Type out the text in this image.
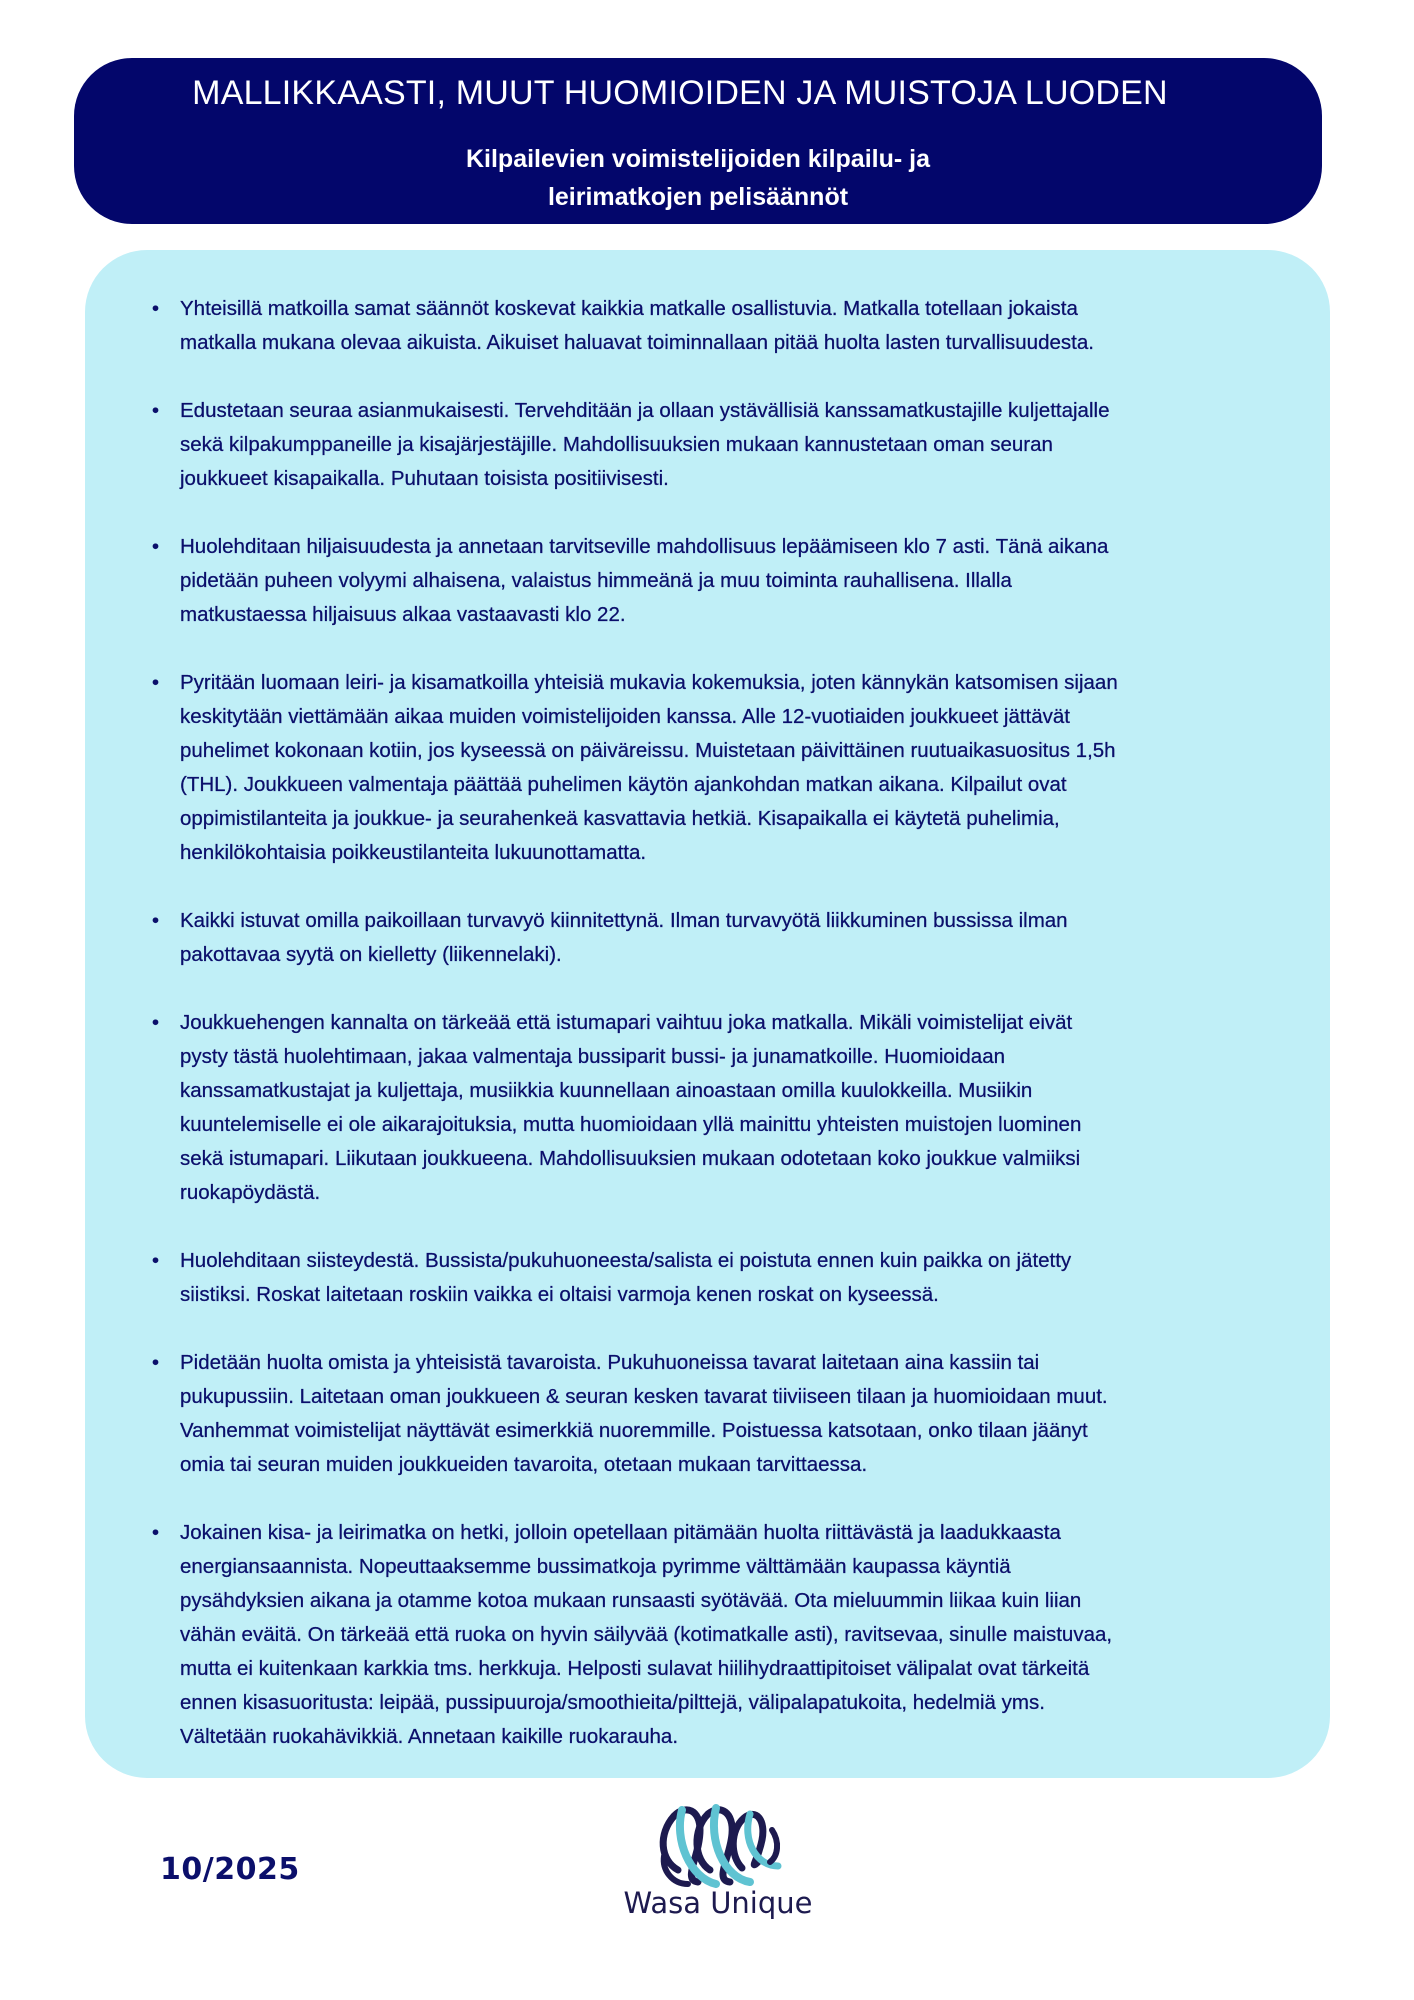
MALLIKKAASTI, MUUT HUOMIOIDEN JA MUISTOJA LUODEN
Kilpailevien voimistelijoiden kilpailu- ja
leirimatkojen pelisäännöt
• Yhteisillä matkoilla samat säännöt koskevat kaikkia matkalle osallistuvia. Matkalla totellaan jokaista
matkalla mukana olevaa aikuista. Aikuiset haluavat toiminnallaan pitää huolta lasten turvallisuudesta.
• Edustetaan seuraa asianmukaisesti. Tervehditään ja ollaan ystävällisiä kanssamatkustajille kuljettajalle
sekä kilpakumppaneille ja kisajärjestäjille. Mahdollisuuksien mukaan kannustetaan oman seuran
joukkueet kisapaikalla. Puhutaan toisista positiivisesti.
• Huolehditaan hiljaisuudesta ja annetaan tarvitseville mahdollisuus lepäämiseen klo 7 asti. Tänä aikana
pidetään puheen volyymi alhaisena, valaistus himmeänä ja muu toiminta rauhallisena. Illalla
matkustaessa hiljaisuus alkaa vastaavasti klo 22.
• Pyritään luomaan leiri- ja kisamatkoilla yhteisiä mukavia kokemuksia, joten kännykän katsomisen sijaan
keskitytään viettämään aikaa muiden voimistelijoiden kanssa. Alle 12-vuotiaiden joukkueet jättävät
puhelimet kokonaan kotiin, jos kyseessä on päiväreissu. Muistetaan päivittäinen ruutuaikasuositus 1,5h
(THL). Joukkueen valmentaja päättää puhelimen käytön ajankohdan matkan aikana. Kilpailut ovat
oppimistilanteita ja joukkue- ja seurahenkeä kasvattavia hetkiä. Kisapaikalla ei käytetä puhelimia,
henkilökohtaisia poikkeustilanteita lukuunottamatta.
• Kaikki istuvat omilla paikoillaan turvavyö kiinnitettynä. Ilman turvavyötä liikkuminen bussissa ilman
pakottavaa syytä on kielletty (liikennelaki).
• Joukkuehengen kannalta on tärkeää että istumapari vaihtuu joka matkalla. Mikäli voimistelijat eivät
pysty tästä huolehtimaan, jakaa valmentaja bussiparit bussi- ja junamatkoille. Huomioidaan
kanssamatkustajat ja kuljettaja, musiikkia kuunnellaan ainoastaan omilla kuulokkeilla. Musiikin
kuuntelemiselle ei ole aikarajoituksia, mutta huomioidaan yllä mainittu yhteisten muistojen luominen
sekä istumapari. Liikutaan joukkueena. Mahdollisuuksien mukaan odotetaan koko joukkue valmiiksi
ruokapöydästä.
• Huolehditaan siisteydestä. Bussista/pukuhuoneesta/salista ei poistuta ennen kuin paikka on jätetty
siistiksi. Roskat laitetaan roskiin vaikka ei oltaisi varmoja kenen roskat on kyseessä.
• Pidetään huolta omista ja yhteisistä tavaroista. Pukuhuoneissa tavarat laitetaan aina kassiin tai
pukupussiin. Laitetaan oman joukkueen & seuran kesken tavarat tiiviiseen tilaan ja huomioidaan muut.
Vanhemmat voimistelijat näyttävät esimerkkiä nuoremmille. Poistuessa katsotaan, onko tilaan jäänyt
omia tai seuran muiden joukkueiden tavaroita, otetaan mukaan tarvittaessa.
• Jokainen kisa- ja leirimatka on hetki, jolloin opetellaan pitämään huolta riittävästä ja laadukkaasta
energiansaannista. Nopeuttaaksemme bussimatkoja pyrimme välttämään kaupassa käyntiä
pysähdyksien aikana ja otamme kotoa mukaan runsaasti syötävää. Ota mieluummin liikaa kuin liian
vähän eväitä. On tärkeää että ruoka on hyvin säilyvää (kotimatkalle asti), ravitsevaa, sinulle maistuvaa,
mutta ei kuitenkaan karkkia tms. herkkuja. Helposti sulavat hiilihydraattipitoiset välipalat ovat tärkeitä
ennen kisasuoritusta: leipää, pussipuuroja/smoothieita/pilttejä, välipalapatukoita, hedelmiä yms.
Vältetään ruokahävikkiä. Annetaan kaikille ruokarauha.
10/2025
Wasa Unique
